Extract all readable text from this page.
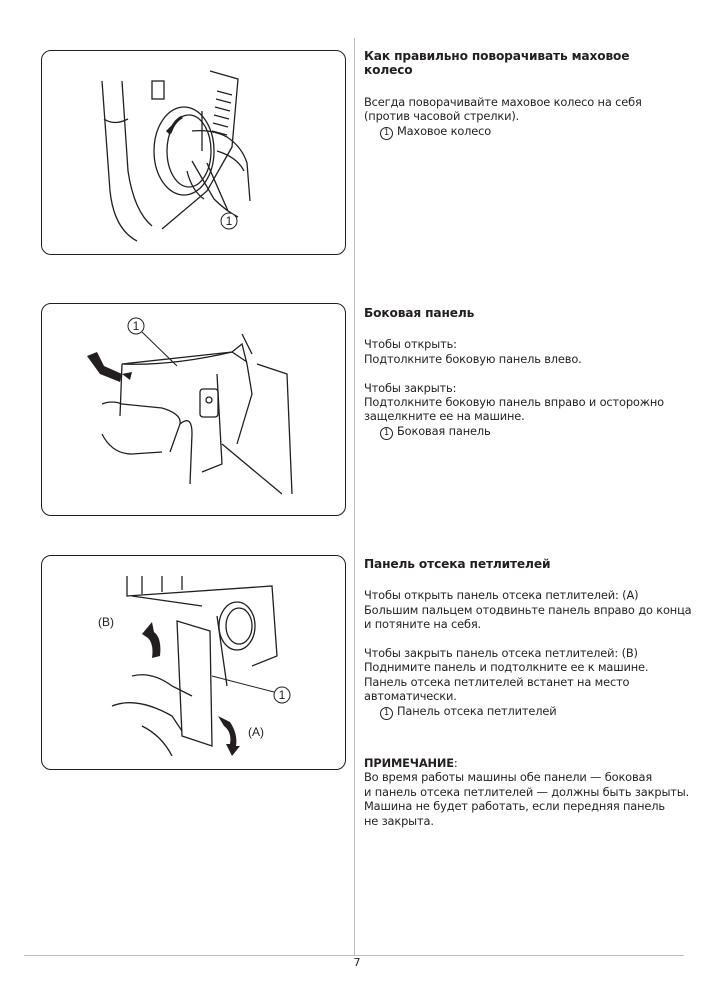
1
1
(B)
(A)
1

Как правильно поворачивать маховое колесо

Всегда поворачивайте маховое колесо на себя

(против часовой стрелки).

1 Маховое колесо

Боковая панель

Чтобы открыть:

Подтолкните боковую панель влево.

Чтобы закрыть:

Подтолкните боковую панель вправо и осторожно

защелкните ее на машине.

1 Боковая панель

Панель отсека петлителей

Чтобы открыть панель отсека петлителей: (A)

Большим пальцем отодвиньте панель вправо до конца

и потяните на себя.

Чтобы закрыть панель отсека петлителей: (B)

Поднимите панель и подтолкните ее к машине.

Панель отсека петлителей встанет на место

автоматически.

1 Панель отсека петлителей

ПРИМЕЧАНИЕ:

Во время работы машины обе панели — боковая

и панель отсека петлителей — должны быть закрыты.

Машина не будет работать, если передняя панель

не закрыта.

7
